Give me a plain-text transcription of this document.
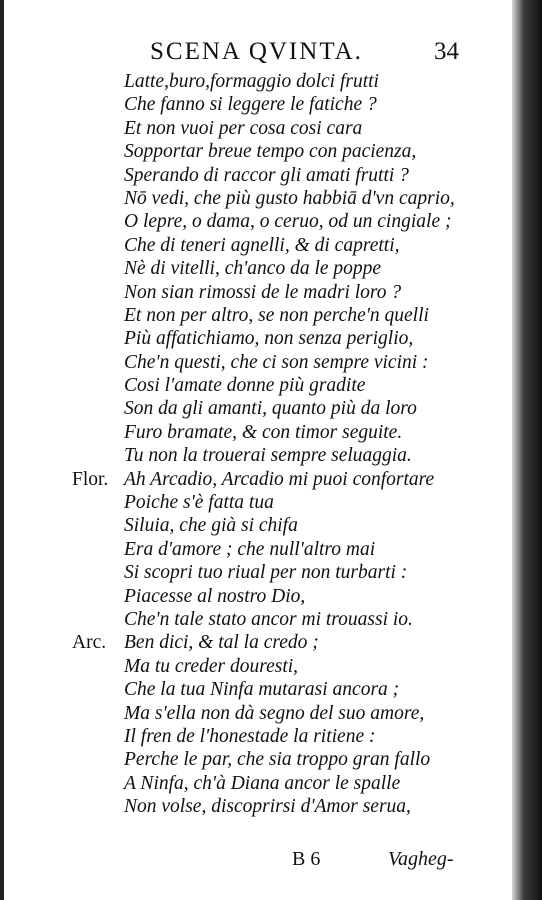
SCENA QVINTA.	34
Latte,buro,formaggio dolci frutti
Che fanno si leggere le fatiche ?
Et non vuoi per cosa cosi cara
Sopportar breue tempo con pacienza,
Sperando di raccor gli amati frutti ?
Nō vedi, che più gusto habbiā d'vn caprio,
O lepre, o dama, o ceruo, od un cingiale ;
Che di teneri agnelli, & di capretti,
Nè di vitelli, ch'anco da le poppe
Non sian rimossi de le madri loro ?
Et non per altro, se non perche'n quelli
Più affatichiamo, non senza periglio,
Che'n questi, che ci son sempre vicini :
Cosi l'amate donne più gradite
Son da gli amanti, quanto più da loro
Furo bramate, & con timor seguite.
Tu non la trouerai sempre seluaggia.
Flor. Ah Arcadio, Arcadio mi puoi confortare
Poiche s'è fatta tua
Siluia, che già si chifa
Era d'amore ; che null'altro mai
Si scopri tuo riual per non turbarti :
Piacesse al nostro Dio,
Che'n tale stato ancor mi trouassi io.
Arc. Ben dici, & tal la credo ;
Ma tu creder douresti,
Che la tua Ninfa mutarasi ancora ;
Ma s'ella non dà segno del suo amore,
Il fren de l'honestade la ritiene :
Perche le par, che sia troppo gran fallo
A Ninfa, ch'à Diana ancor le spalle
Non volse, discoprirsi d'Amor serua,
B 6	Vagheg-
